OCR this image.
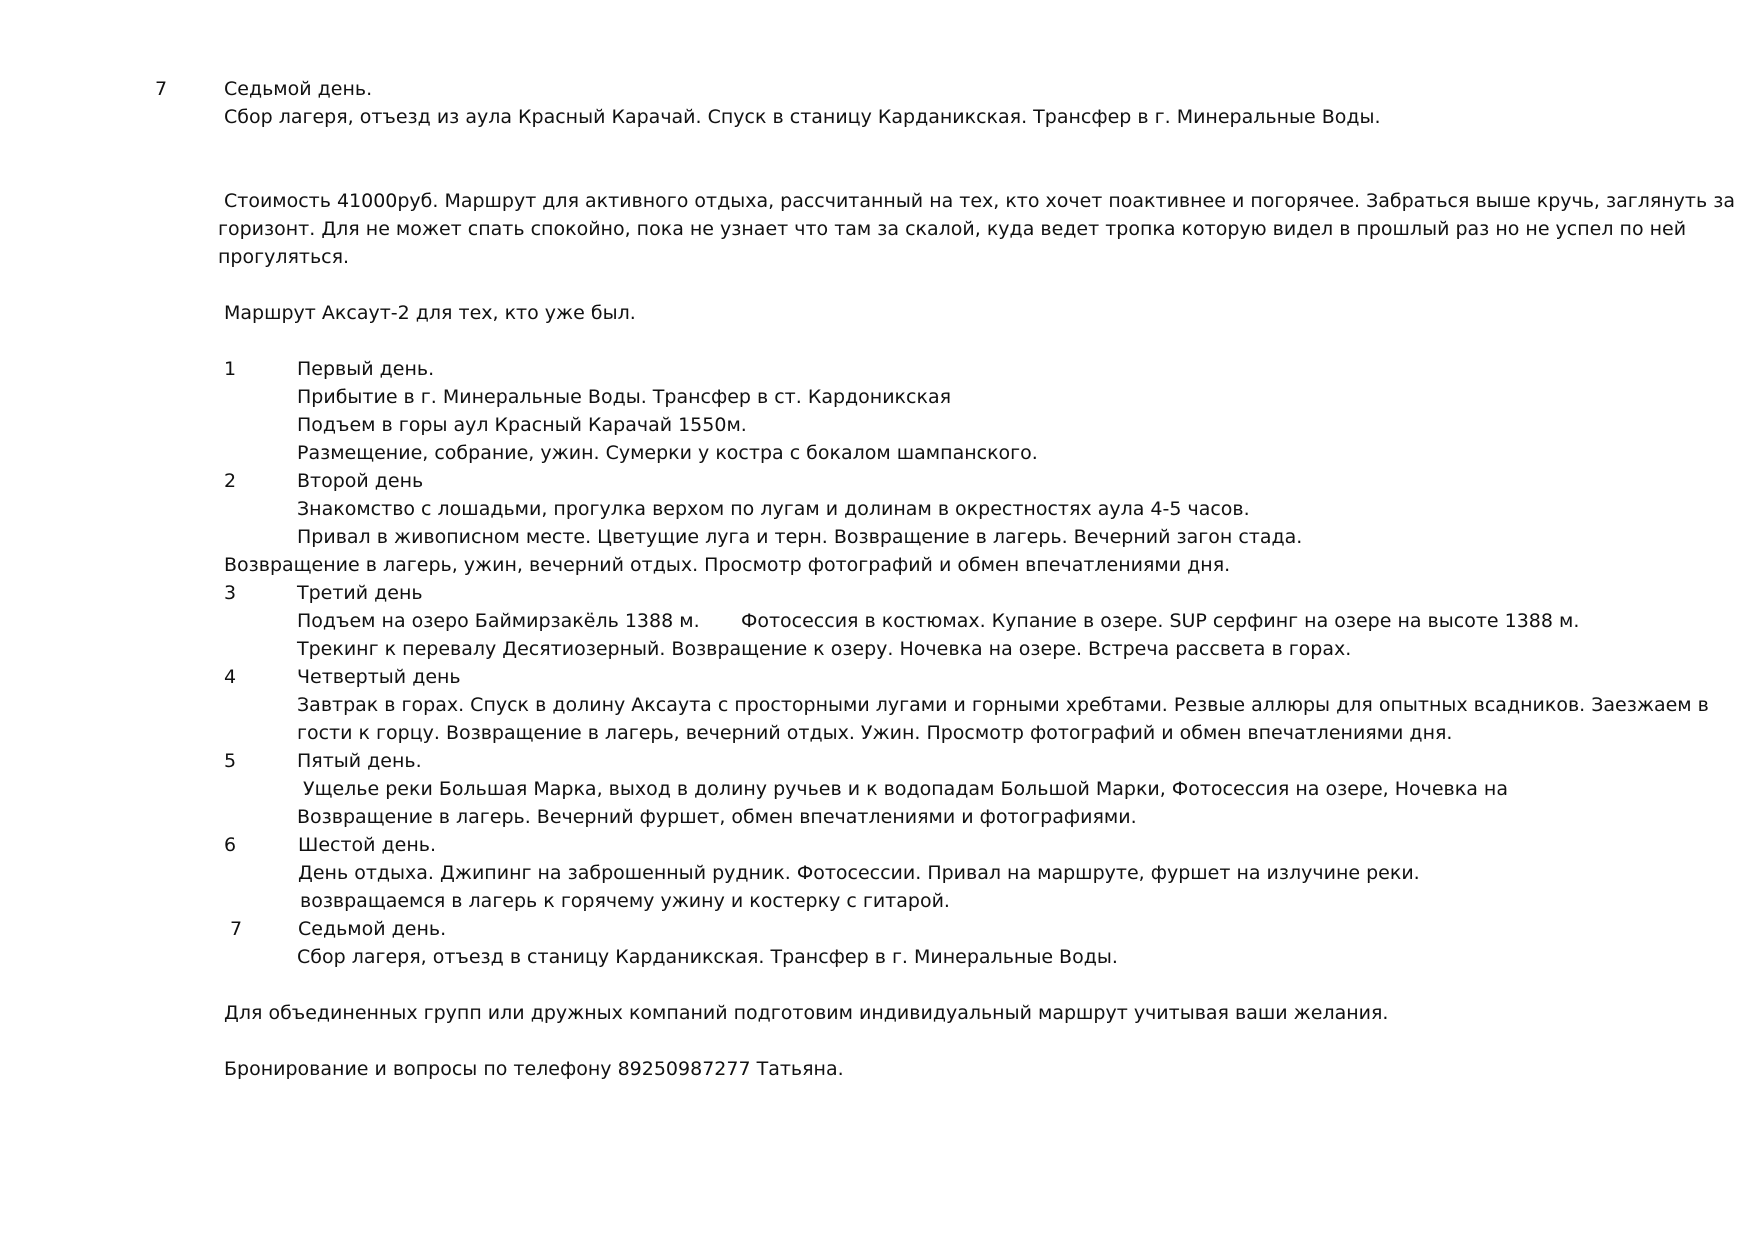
7	Седьмой день.
Сбор лагеря, отъезд из аула Красный Карачай. Спуск в станицу Карданикская. Трансфер в г. Минеральные Воды.
Стоимость 41000руб. Маршрут для активного отдыха, рассчитанный на тех, кто хочет поактивнее и погорячее. Забраться выше кручь, заглянуть за
горизонт. Для не может спать спокойно, пока не узнает что там за скалой, куда ведет тропка которую видел в прошлый раз но не успел по ней
прогуляться.
Маршрут Аксаут-2 для тех, кто уже был.
1	Первый день.
Прибытие в г. Минеральные Воды. Трансфер в ст. Кардоникская
Подъем в горы аул Красный Карачай 1550м.
Размещение, собрание, ужин. Сумерки у костра с бокалом шампанского.
2	Второй день
Знакомство с лошадьми, прогулка верхом по лугам и долинам в окрестностях аула 4-5 часов.
Привал в живописном месте. Цветущие луга и терн. Возвращение в лагерь. Вечерний загон стада.
Возвращение в лагерь, ужин, вечерний отдых. Просмотр фотографий и обмен впечатлениями дня.
3	Третий день
Подъем на озеро Баймирзакёль 1388 м. Фотосессия в костюмах. Купание в озере. SUP серфинг на озере на высоте 1388 м.
Трекинг к перевалу Десятиозерный. Возвращение к озеру. Ночевка на озере. Встреча рассвета в горах.
4	Четвертый день
Завтрак в горах. Спуск в долину Аксаута с просторными лугами и горными хребтами. Резвые аллюры для опытных всадников. Заезжаем в
гости к горцу. Возвращение в лагерь, вечерний отдых. Ужин. Просмотр фотографий и обмен впечатлениями дня.
5	Пятый день.
Ущелье реки Большая Марка, выход в долину ручьев и к водопадам Большой Марки, Фотосессия на озере, Ночевка на
Возвращение в лагерь. Вечерний фуршет, обмен впечатлениями и фотографиями.
6	Шестой день.
День отдыха. Джипинг на заброшенный рудник. Фотосессии. Привал на маршруте, фуршет на излучине реки.
возвращаемся в лагерь к горячему ужину и костерку с гитарой.
7	Седьмой день.
Сбор лагеря, отъезд в станицу Карданикская. Трансфер в г. Минеральные Воды.
Для объединенных групп или дружных компаний подготовим индивидуальный маршрут учитывая ваши желания.
Бронирование и вопросы по телефону 89250987277 Татьяна.
